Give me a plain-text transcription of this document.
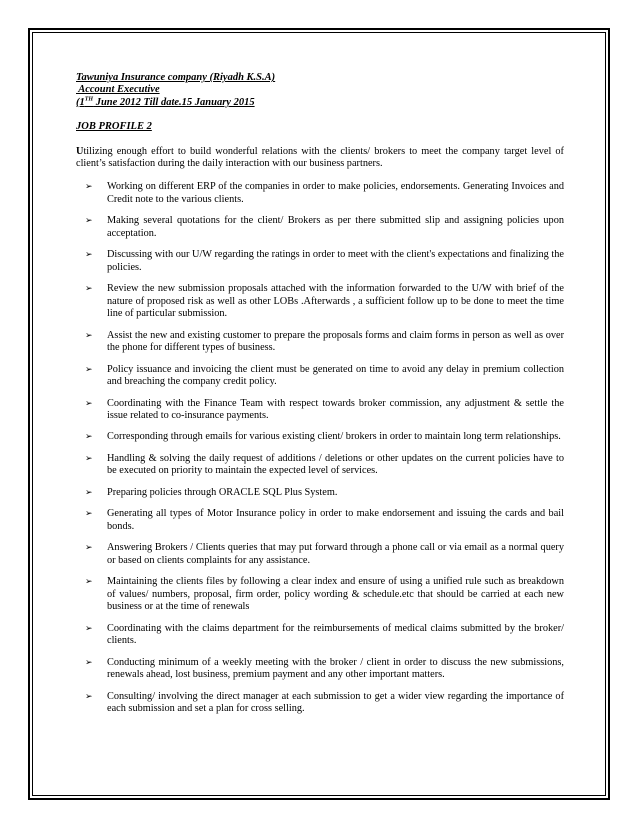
Tawuniya Insurance company (Riyadh K.S.A)
Account Executive
(1TH June 2012 Till date.15 January 2015
JOB PROFILE 2
Utilizing enough effort to build wonderful relations with the clients/ brokers to meet the company target level of client’s satisfaction during the daily interaction with our business partners.
➢ Working on different ERP of the companies in order to make policies, endorsements. Generating Invoices and Credit note to the various clients.
➢ Making several quotations for the client/ Brokers as per there submitted slip and assigning policies upon acceptation.
➢ Discussing with our U/W regarding the ratings in order to meet with the client's expectations and finalizing the policies.
➢ Review the new submission proposals attached with the information forwarded to the U/W with brief of the nature of proposed risk as well as other LOBs .Afterwards , a sufficient follow up to be done to meet the time line of particular submission.
➢ Assist the new and existing customer to prepare the proposals forms and claim forms in person as well as over the phone for different types of business.
➢ Policy issuance and invoicing the client must be generated on time to avoid any delay in premium collection and breaching the company credit policy.
➢ Coordinating with the Finance Team with respect towards broker commission, any adjustment & settle the issue related to co-insurance payments.
➢ Corresponding through emails for various existing client/ brokers in order to maintain long term relationships.
➢ Handling & solving the daily request of additions / deletions or other updates on the current policies have to be executed on priority to maintain the expected level of services.
➢ Preparing policies through ORACLE SQL Plus System.
➢ Generating all types of Motor Insurance policy in order to make endorsement and issuing the cards and bail bonds.
➢ Answering Brokers / Clients queries that may put forward through a phone call or via email as a normal query or based on clients complaints for any assistance.
➢ Maintaining the clients files by following a clear index and ensure of using a unified rule such as breakdown of values/ numbers, proposal, firm order, policy wording & schedule.etc that should be carried at each new business or at the time of renewals
➢ Coordinating with the claims department for the reimbursements of medical claims submitted by the broker/ clients.
➢ Conducting minimum of a weekly meeting with the broker / client in order to discuss the new submissions, renewals ahead, lost business, premium payment and any other important matters.
➢ Consulting/ involving the direct manager at each submission to get a wider view regarding the importance of each submission and set a plan for cross selling.
